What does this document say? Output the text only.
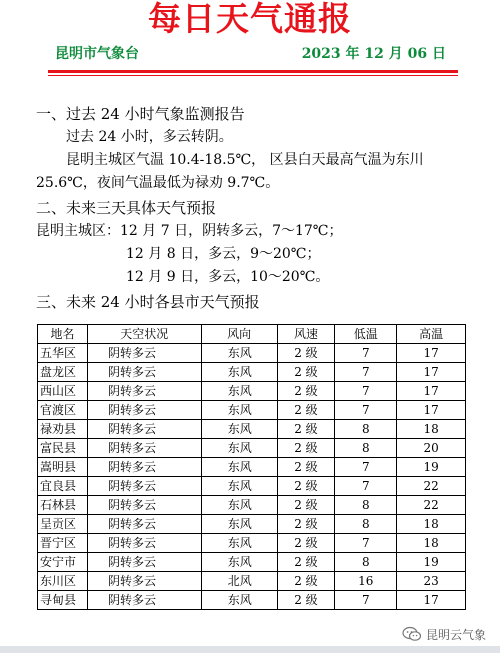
每日天气通报
昆明市气象台	2023 年 12 月 06 日
一、过去 24 小时气象监测报告
过去 24 小时，多云转阴。
昆明主城区气温 10.4-18.5℃， 区县白天最高气温为东川
25.6℃，夜间气温最低为禄劝 9.7℃。
二、未来三天具体天气预报
昆明主城区：12 月 7 日，阴转多云，7～17℃；
12 月 8 日，多云，9～20℃；
12 月 9 日，多云，10～20℃。
三、未来 24 小时各县市天气预报
地名	天空状况	风向	风速	低温	高温
五华区	阴转多云	东风	2 级	7	17
盘龙区	阴转多云	东风	2 级	7	17
西山区	阴转多云	东风	2 级	7	17
官渡区	阴转多云	东风	2 级	7	17
禄劝县	阴转多云	东风	2 级	8	18
富民县	阴转多云	东风	2 级	8	20
嵩明县	阴转多云	东风	2 级	7	19
宜良县	阴转多云	东风	2 级	7	22
石林县	阴转多云	东风	2 级	8	22
呈贡区	阴转多云	东风	2 级	8	18
晋宁区	阴转多云	东风	2 级	7	18
安宁市	阴转多云	东风	2 级	8	19
东川区	阴转多云	北风	2 级	16	23
寻甸县	阴转多云	东风	2 级	7	17
昆明云气象
